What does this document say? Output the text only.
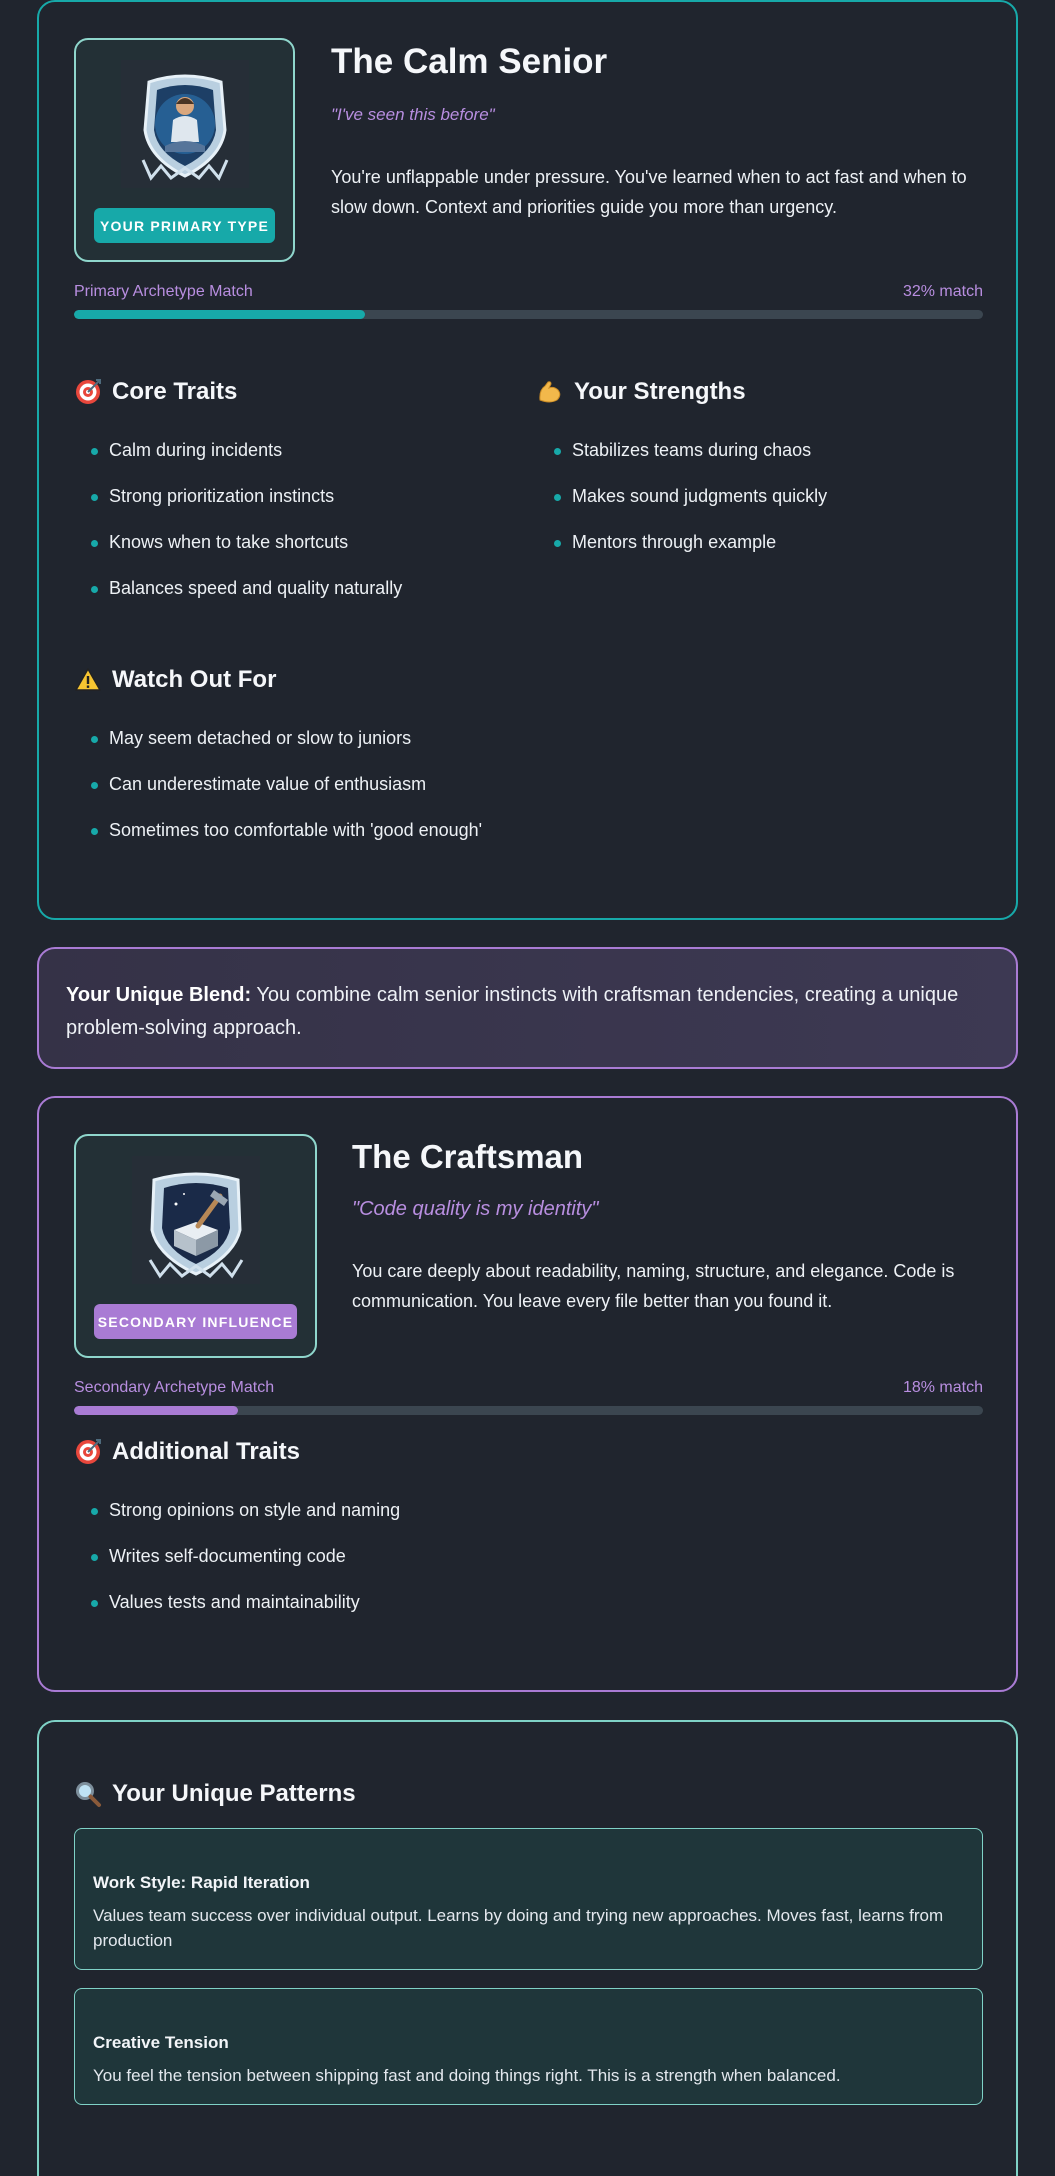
YOUR PRIMARY TYPE
The Calm Senior
"I've seen this before"
You're unflappable under pressure. You've learned when to act fast and when to slow down. Context and priorities guide you more than urgency.
Primary Archetype Match	32% match
Core Traits
Calm during incidents
Strong prioritization instincts
Knows when to take shortcuts
Balances speed and quality naturally
Your Strengths
Stabilizes teams during chaos
Makes sound judgments quickly
Mentors through example
Watch Out For
May seem detached or slow to juniors
Can underestimate value of enthusiasm
Sometimes too comfortable with 'good enough'
Your Unique Blend: You combine calm senior instincts with craftsman tendencies, creating a unique problem-solving approach.
SECONDARY INFLUENCE
The Craftsman
"Code quality is my identity"
You care deeply about readability, naming, structure, and elegance. Code is communication. You leave every file better than you found it.
Secondary Archetype Match	18% match
Additional Traits
Strong opinions on style and naming
Writes self-documenting code
Values tests and maintainability
Your Unique Patterns
Work Style: Rapid Iteration
Values team success over individual output. Learns by doing and trying new approaches. Moves fast, learns from production
Creative Tension
You feel the tension between shipping fast and doing things right. This is a strength when balanced.
